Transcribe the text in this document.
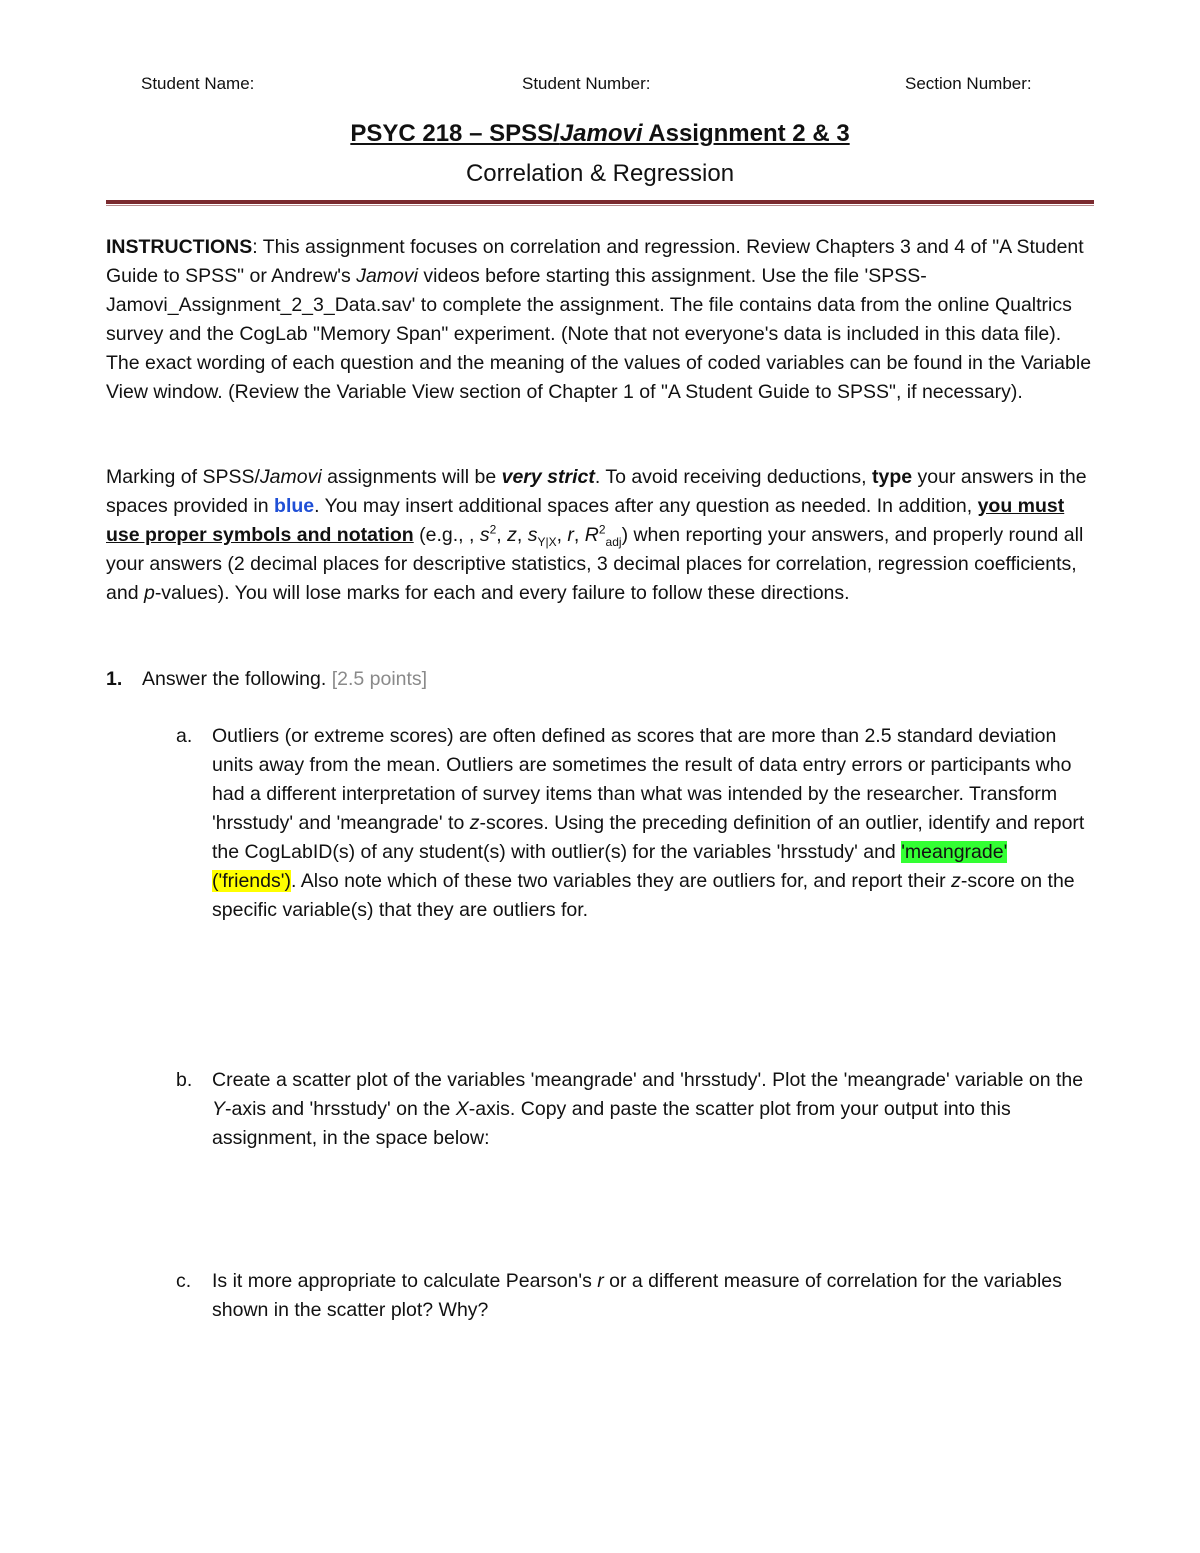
Student Name:	Student Number:	Section Number:
PSYC 218 – SPSS/Jamovi Assignment 2 & 3
Correlation & Regression

INSTRUCTIONS: This assignment focuses on correlation and regression. Review Chapters 3 and 4 of "A Student Guide to SPSS" or Andrew's Jamovi videos before starting this assignment. Use the file 'SPSS-Jamovi_Assignment_2_3_Data.sav' to complete the assignment. The file contains data from the online Qualtrics survey and the CogLab "Memory Span" experiment. (Note that not everyone's data is included in this data file). The exact wording of each question and the meaning of the values of coded variables can be found in the Variable View window. (Review the Variable View section of Chapter 1 of "A Student Guide to SPSS", if necessary).

Marking of SPSS/Jamovi assignments will be very strict. To avoid receiving deductions, type your answers in the spaces provided in blue. You may insert additional spaces after any question as needed. In addition, you must use proper symbols and notation (e.g., , $s^2$, z, $s_{Y|X}$, r, $R^2_{adj}$) when reporting your answers, and properly round all your answers (2 decimal places for descriptive statistics, 3 decimal places for correlation, regression coefficients, and p-values). You will lose marks for each and every failure to follow these directions.

1. Answer the following. [2.5 points]
a. Outliers (or extreme scores) are often defined as scores that are more than 2.5 standard deviation units away from the mean. Outliers are sometimes the result of data entry errors or participants who had a different interpretation of survey items than what was intended by the researcher. Transform 'hrsstudy' and 'meangrade' to z-scores. Using the preceding definition of an outlier, identify and report the CogLabID(s) of any student(s) with outlier(s) for the variables 'hrsstudy' and 'meangrade' ('friends'). Also note which of these two variables they are outliers for, and report their z-score on the specific variable(s) that they are outliers for.
b. Create a scatter plot of the variables 'meangrade' and 'hrsstudy'. Plot the 'meangrade' variable on the Y-axis and 'hrsstudy' on the X-axis. Copy and paste the scatter plot from your output into this assignment, in the space below:
c. Is it more appropriate to calculate Pearson's r or a different measure of correlation for the variables shown in the scatter plot? Why?
